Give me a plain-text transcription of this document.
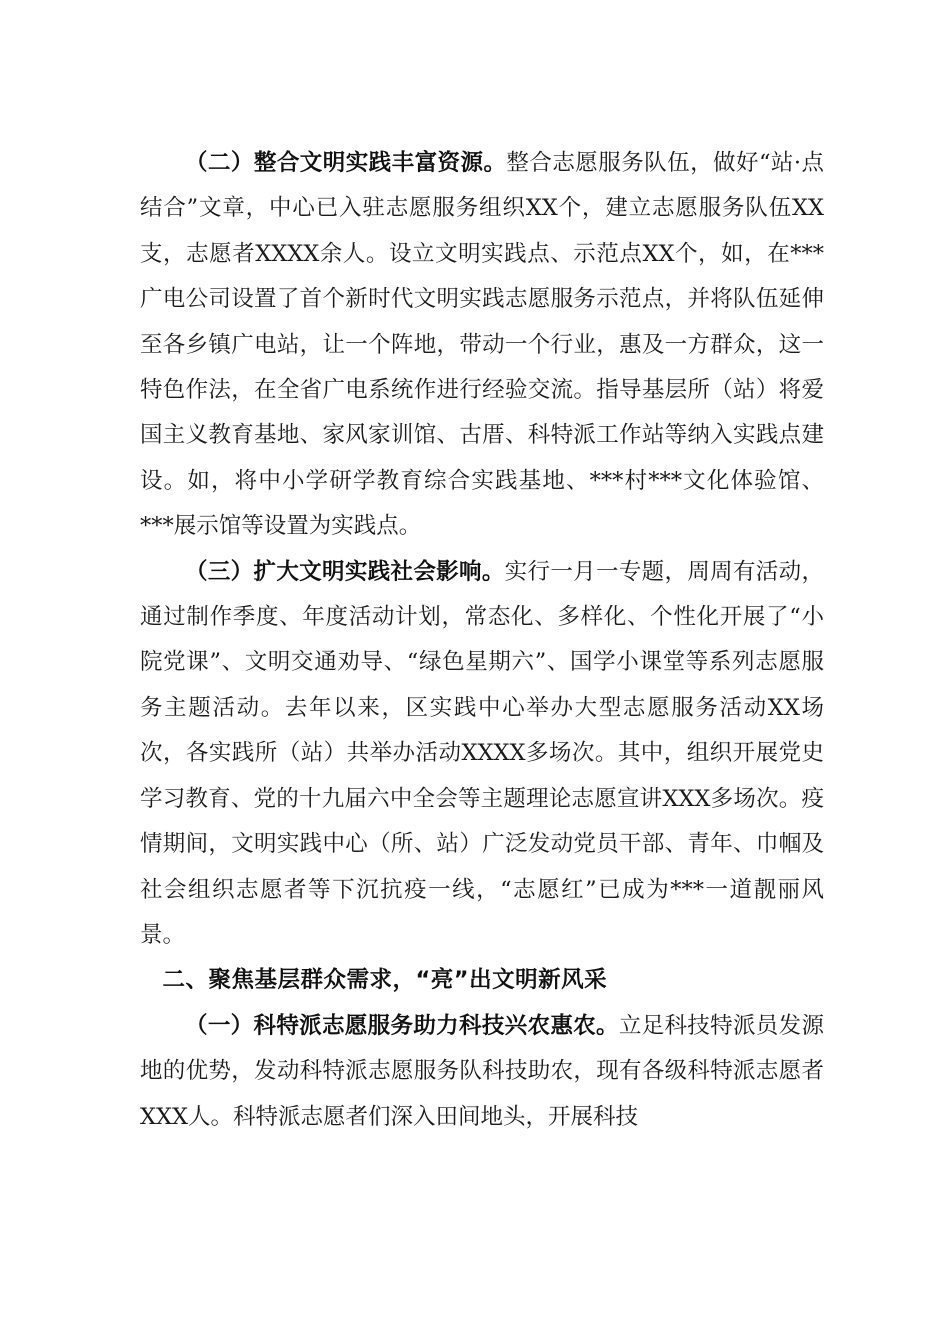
（二）整合文明实践丰富资源。整合志愿服务队伍，做好“站·点结合”文章，中心已入驻志愿服务组织XX个，建立志愿服务队伍XX支，志愿者XXXX余人。设立文明实践点、示范点XX个，如，在***广电公司设置了首个新时代文明实践志愿服务示范点，并将队伍延伸至各乡镇广电站，让一个阵地，带动一个行业，惠及一方群众，这一特色作法，在全省广电系统作进行经验交流。指导基层所（站）将爱国主义教育基地、家风家训馆、古厝、科特派工作站等纳入实践点建设。如，将中小学研学教育综合实践基地、***村***文化体验馆、***展示馆等设置为实践点。

（三）扩大文明实践社会影响。实行一月一专题，周周有活动，通过制作季度、年度活动计划，常态化、多样化、个性化开展了“小院党课”、文明交通劝导、“绿色星期六”、国学小课堂等系列志愿服务主题活动。去年以来，区实践中心举办大型志愿服务活动XX场次，各实践所（站）共举办活动XXXX多场次。其中，组织开展党史学习教育、党的十九届六中全会等主题理论志愿宣讲XXX多场次。疫情期间，文明实践中心（所、站）广泛发动党员干部、青年、巾帼及社会组织志愿者等下沉抗疫一线，“志愿红”已成为***一道靓丽风景。

二、聚焦基层群众需求，“亮”出文明新风采

（一）科特派志愿服务助力科技兴农惠农。立足科技特派员发源地的优势，发动科特派志愿服务队科技助农，现有各级科特派志愿者XXX人。科特派志愿者们深入田间地头，开展科技
